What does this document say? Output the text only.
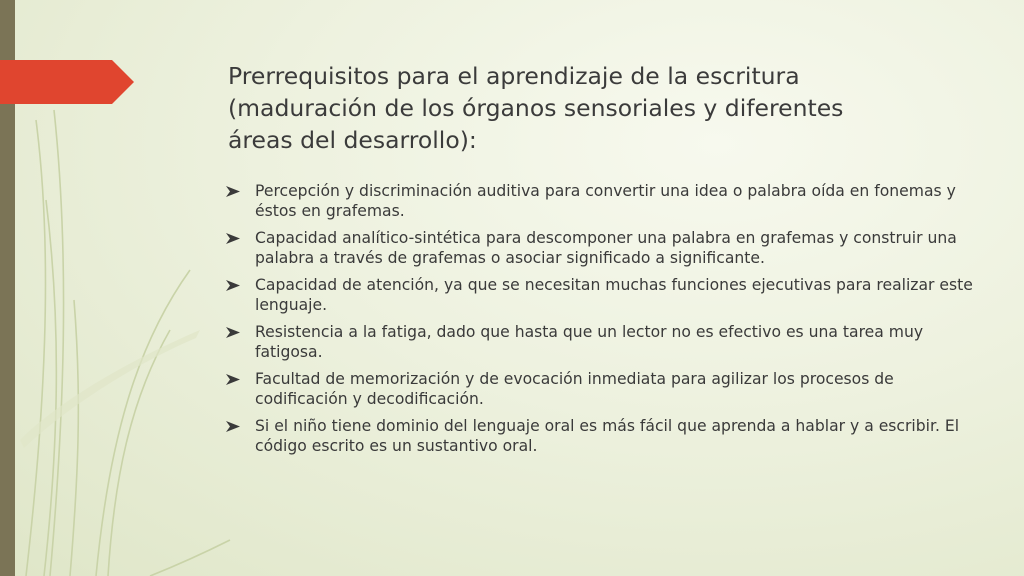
Prerrequisitos para el aprendizaje de la escritura
(maduración de los órganos sensoriales y diferentes
áreas del desarrollo):
Percepción y discriminación auditiva para convertir una idea o palabra oída en fonemas y éstos en grafemas.
Capacidad analítico-sintética para descomponer una palabra en grafemas y construir una palabra a través de grafemas o asociar significado a significante.
Capacidad de atención, ya que se necesitan muchas funciones ejecutivas para realizar este lenguaje.
Resistencia a la fatiga, dado que hasta que un lector no es efectivo es una tarea muy fatigosa.
Facultad de memorización y de evocación inmediata para agilizar los procesos de codificación y decodificación.
Si el niño tiene dominio del lenguaje oral es más fácil que aprenda a hablar y a escribir. El código escrito es un sustantivo oral.
